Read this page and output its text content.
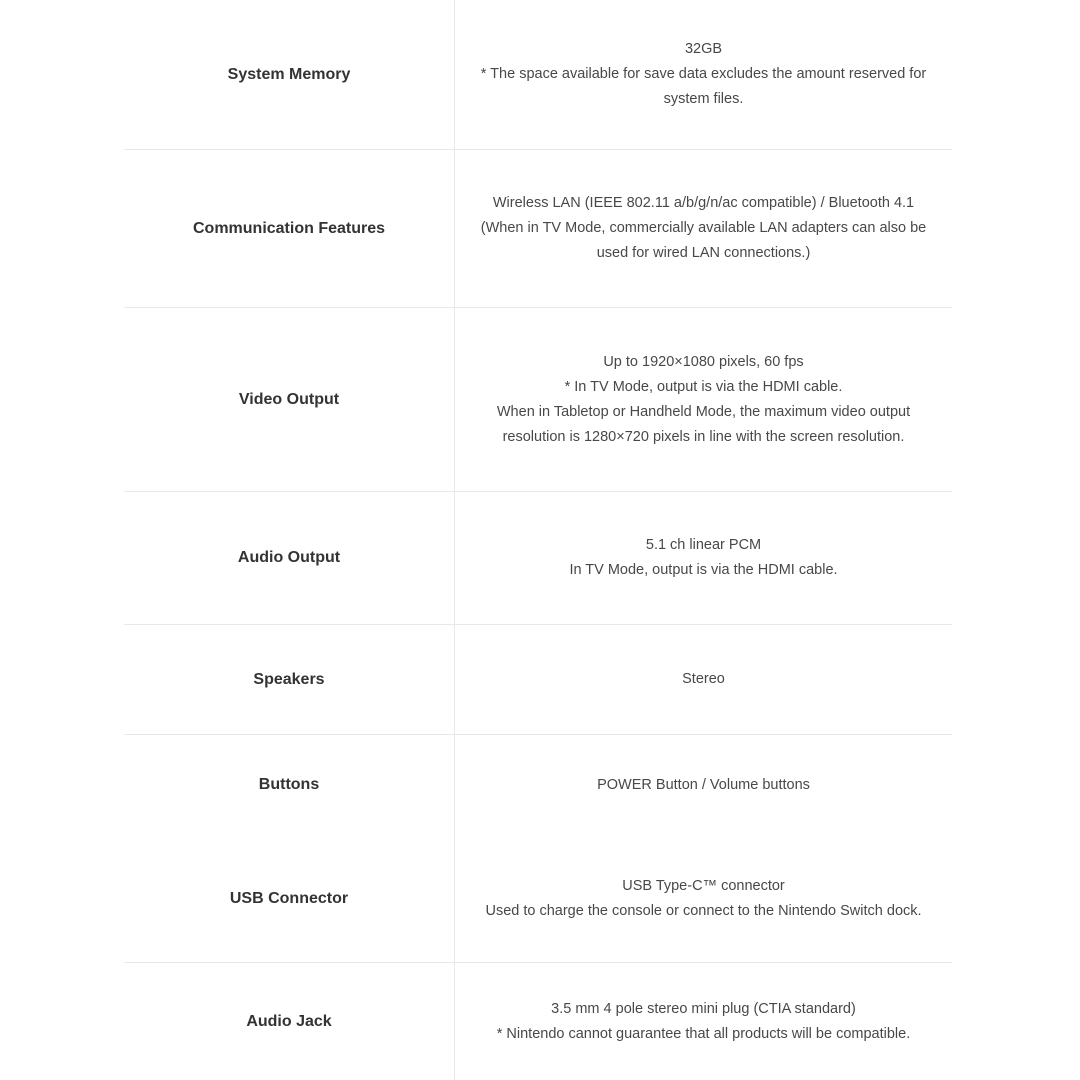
System Memory
32GB
* The space available for save data excludes the amount reserved for system files.
Communication Features
Wireless LAN (IEEE 802.11 a/b/g/n/ac compatible) / Bluetooth 4.1
(When in TV Mode, commercially available LAN adapters can also be used for wired LAN connections.)
Video Output
Up to 1920×1080 pixels, 60 fps
* In TV Mode, output is via the HDMI cable.
When in Tabletop or Handheld Mode, the maximum video output resolution is 1280×720 pixels in line with the screen resolution.
Audio Output
5.1 ch linear PCM
In TV Mode, output is via the HDMI cable.
Speakers	Stereo
Buttons	POWER Button / Volume buttons
USB Connector
USB Type-C™ connector
Used to charge the console or connect to the Nintendo Switch dock.
Audio Jack
3.5 mm 4 pole stereo mini plug (CTIA standard)
* Nintendo cannot guarantee that all products will be compatible.
